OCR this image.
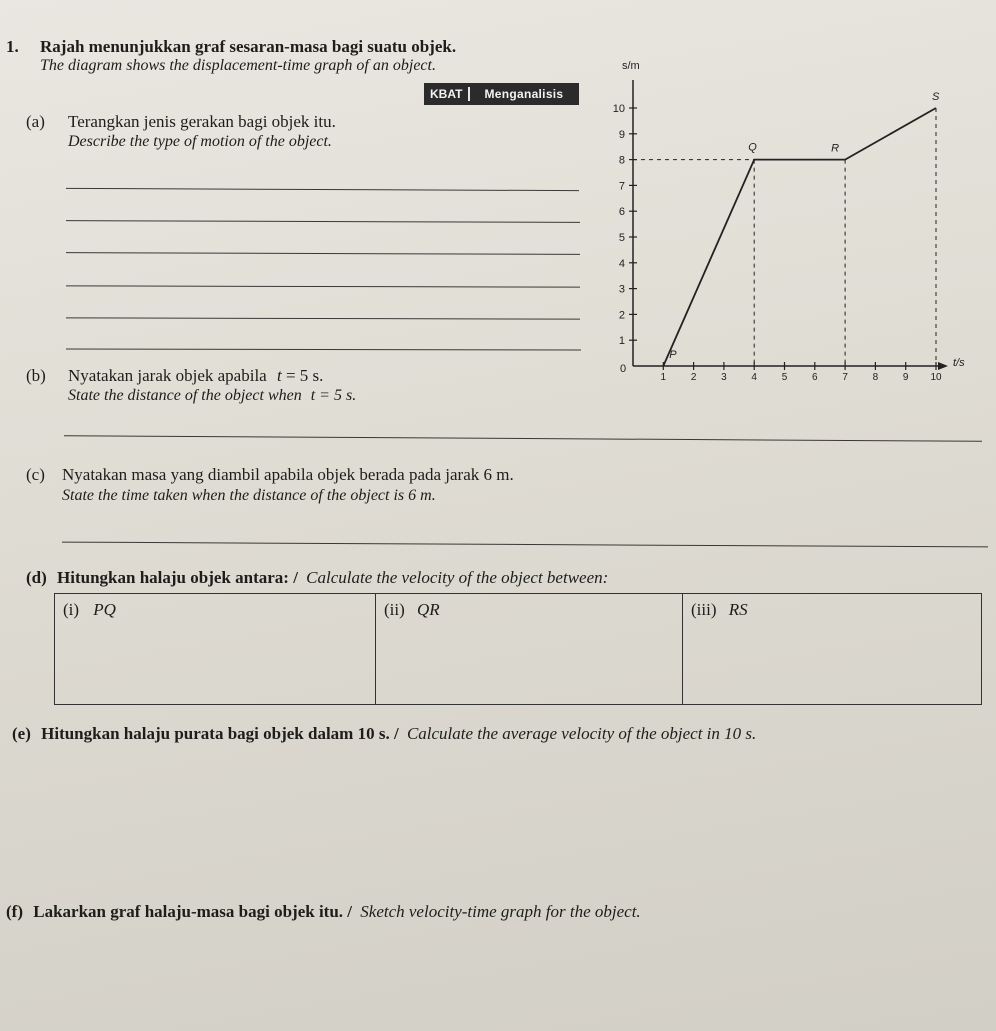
1. Rajah menunjukkan graf sesaran-masa bagi suatu objek.
The diagram shows the displacement-time graph of an object.
KBAT	Menganalisis
(a) Terangkan jenis gerakan bagi objek itu.
Describe the type of motion of the object.
(b) Nyatakan jarak objek apabila t = 5 s.
State the distance of the object when t = 5 s.
(c) Nyatakan masa yang diambil apabila objek berada pada jarak 6 m.
State the time taken when the distance of the object is 6 m.
(d) Hitungkan halaju objek antara: / Calculate the velocity of the object between:
(i) PQ	(ii) QR	(iii) RS
(e) Hitungkan halaju purata bagi objek dalam 10 s. / Calculate the average velocity of the object in 10 s.
(f) Lakarkan graf halaju-masa bagi objek itu. / Sketch velocity-time graph for the object.
s/m
t/s
0
1
2
3
4
5
6
7
8
9
10
1 2 3 4 5 6 7 8 9 10
P
Q	R
S
